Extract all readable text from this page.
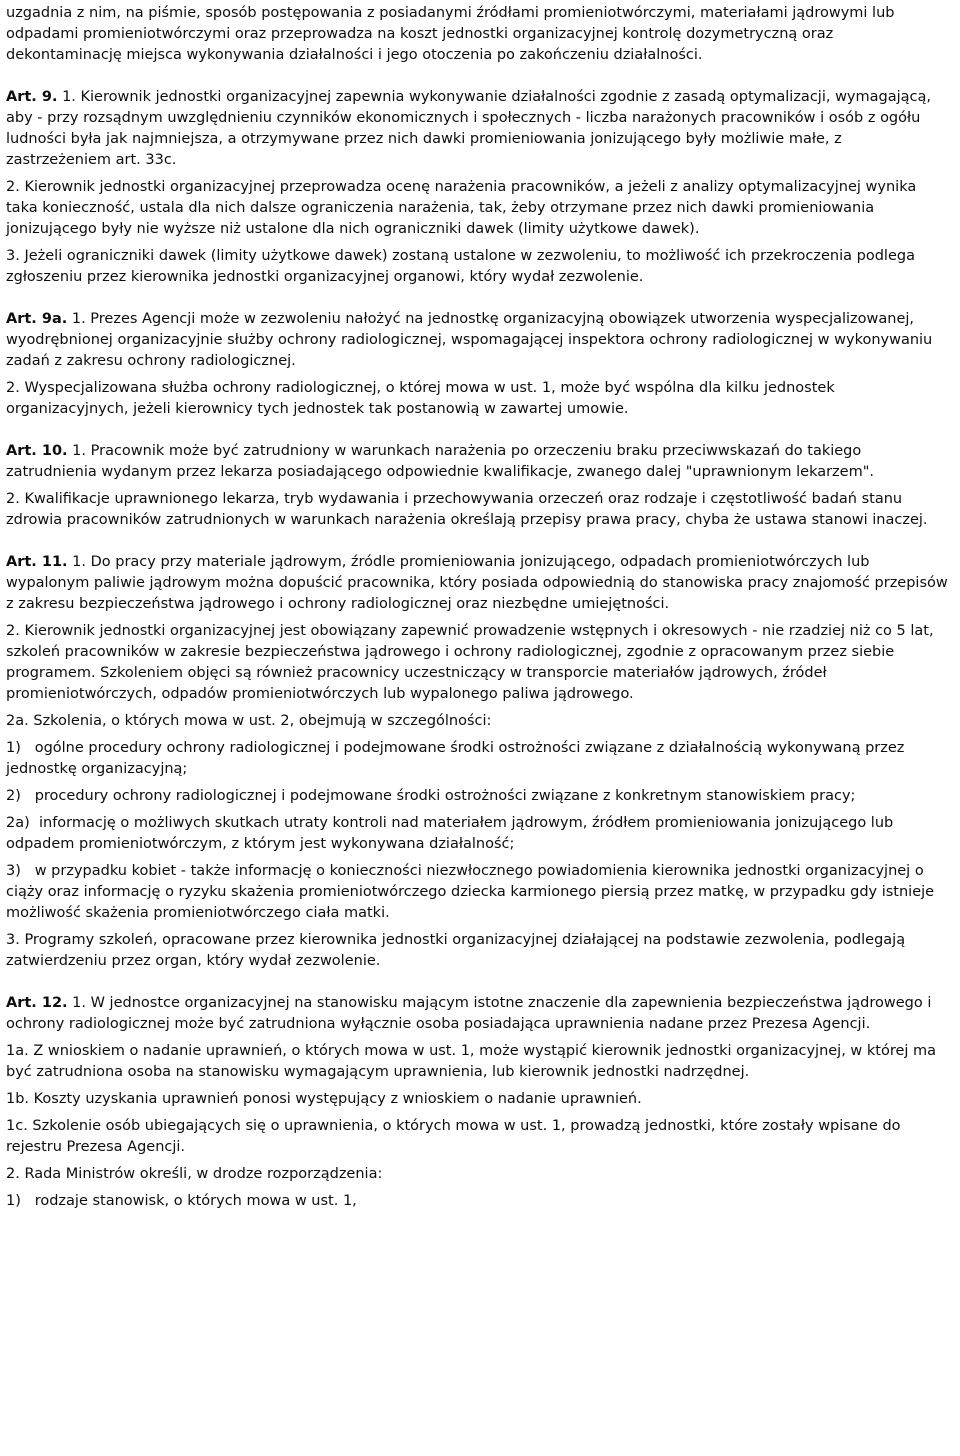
uzgadnia z nim, na piśmie, sposób postępowania z posiadanymi źródłami promieniotwórczymi, materiałami jądrowymi lub odpadami promieniotwórczymi oraz przeprowadza na koszt jednostki organizacyjnej kontrolę dozymetryczną oraz dekontaminację miejsca wykonywania działalności i jego otoczenia po zakończeniu działalności.

Art. 9. 1. Kierownik jednostki organizacyjnej zapewnia wykonywanie działalności zgodnie z zasadą optymalizacji, wymagającą, aby - przy rozsądnym uwzględnieniu czynników ekonomicznych i społecznych - liczba narażonych pracowników i osób z ogółu ludności była jak najmniejsza, a otrzymywane przez nich dawki promieniowania jonizującego były możliwie małe, z zastrzeżeniem art. 33c.

2. Kierownik jednostki organizacyjnej przeprowadza ocenę narażenia pracowników, a jeżeli z analizy optymalizacyjnej wynika taka konieczność, ustala dla nich dalsze ograniczenia narażenia, tak, żeby otrzymane przez nich dawki promieniowania jonizującego były nie wyższe niż ustalone dla nich ograniczniki dawek (limity użytkowe dawek).

3. Jeżeli ograniczniki dawek (limity użytkowe dawek) zostaną ustalone w zezwoleniu, to możliwość ich przekroczenia podlega zgłoszeniu przez kierownika jednostki organizacyjnej organowi, który wydał zezwolenie.

Art. 9a. 1. Prezes Agencji może w zezwoleniu nałożyć na jednostkę organizacyjną obowiązek utworzenia wyspecjalizowanej, wyodrębnionej organizacyjnie służby ochrony radiologicznej, wspomagającej inspektora ochrony radiologicznej w wykonywaniu zadań z zakresu ochrony radiologicznej.

2. Wyspecjalizowana służba ochrony radiologicznej, o której mowa w ust. 1, może być wspólna dla kilku jednostek organizacyjnych, jeżeli kierownicy tych jednostek tak postanowią w zawartej umowie.

Art. 10. 1. Pracownik może być zatrudniony w warunkach narażenia po orzeczeniu braku przeciwwskazań do takiego zatrudnienia wydanym przez lekarza posiadającego odpowiednie kwalifikacje, zwanego dalej "uprawnionym lekarzem".

2. Kwalifikacje uprawnionego lekarza, tryb wydawania i przechowywania orzeczeń oraz rodzaje i częstotliwość badań stanu zdrowia pracowników zatrudnionych w warunkach narażenia określają przepisy prawa pracy, chyba że ustawa stanowi inaczej.

Art. 11. 1. Do pracy przy materiale jądrowym, źródle promieniowania jonizującego, odpadach promieniotwórczych lub wypalonym paliwie jądrowym można dopuścić pracownika, który posiada odpowiednią do stanowiska pracy znajomość przepisów z zakresu bezpieczeństwa jądrowego i ochrony radiologicznej oraz niezbędne umiejętności.

2. Kierownik jednostki organizacyjnej jest obowiązany zapewnić prowadzenie wstępnych i okresowych - nie rzadziej niż co 5 lat, szkoleń pracowników w zakresie bezpieczeństwa jądrowego i ochrony radiologicznej, zgodnie z opracowanym przez siebie programem. Szkoleniem objęci są również pracownicy uczestniczący w transporcie materiałów jądrowych, źródeł promieniotwórczych, odpadów promieniotwórczych lub wypalonego paliwa jądrowego.

2a. Szkolenia, o których mowa w ust. 2, obejmują w szczególności:

1)   ogólne procedury ochrony radiologicznej i podejmowane środki ostrożności związane z działalnością wykonywaną przez jednostkę organizacyjną;

2)   procedury ochrony radiologicznej i podejmowane środki ostrożności związane z konkretnym stanowiskiem pracy;

2a)  informację o możliwych skutkach utraty kontroli nad materiałem jądrowym, źródłem promieniowania jonizującego lub odpadem promieniotwórczym, z którym jest wykonywana działalność;

3)   w przypadku kobiet - także informację o konieczności niezwłocznego powiadomienia kierownika jednostki organizacyjnej o ciąży oraz informację o ryzyku skażenia promieniotwórczego dziecka karmionego piersią przez matkę, w przypadku gdy istnieje możliwość skażenia promieniotwórczego ciała matki.

3. Programy szkoleń, opracowane przez kierownika jednostki organizacyjnej działającej na podstawie zezwolenia, podlegają zatwierdzeniu przez organ, który wydał zezwolenie.

Art. 12. 1. W jednostce organizacyjnej na stanowisku mającym istotne znaczenie dla zapewnienia bezpieczeństwa jądrowego i ochrony radiologicznej może być zatrudniona wyłącznie osoba posiadająca uprawnienia nadane przez Prezesa Agencji.

1a. Z wnioskiem o nadanie uprawnień, o których mowa w ust. 1, może wystąpić kierownik jednostki organizacyjnej, w której ma być zatrudniona osoba na stanowisku wymagającym uprawnienia, lub kierownik jednostki nadrzędnej.

1b. Koszty uzyskania uprawnień ponosi występujący z wnioskiem o nadanie uprawnień.

1c. Szkolenie osób ubiegających się o uprawnienia, o których mowa w ust. 1, prowadzą jednostki, które zostały wpisane do rejestru Prezesa Agencji.

2. Rada Ministrów określi, w drodze rozporządzenia:

1)   rodzaje stanowisk, o których mowa w ust. 1,
